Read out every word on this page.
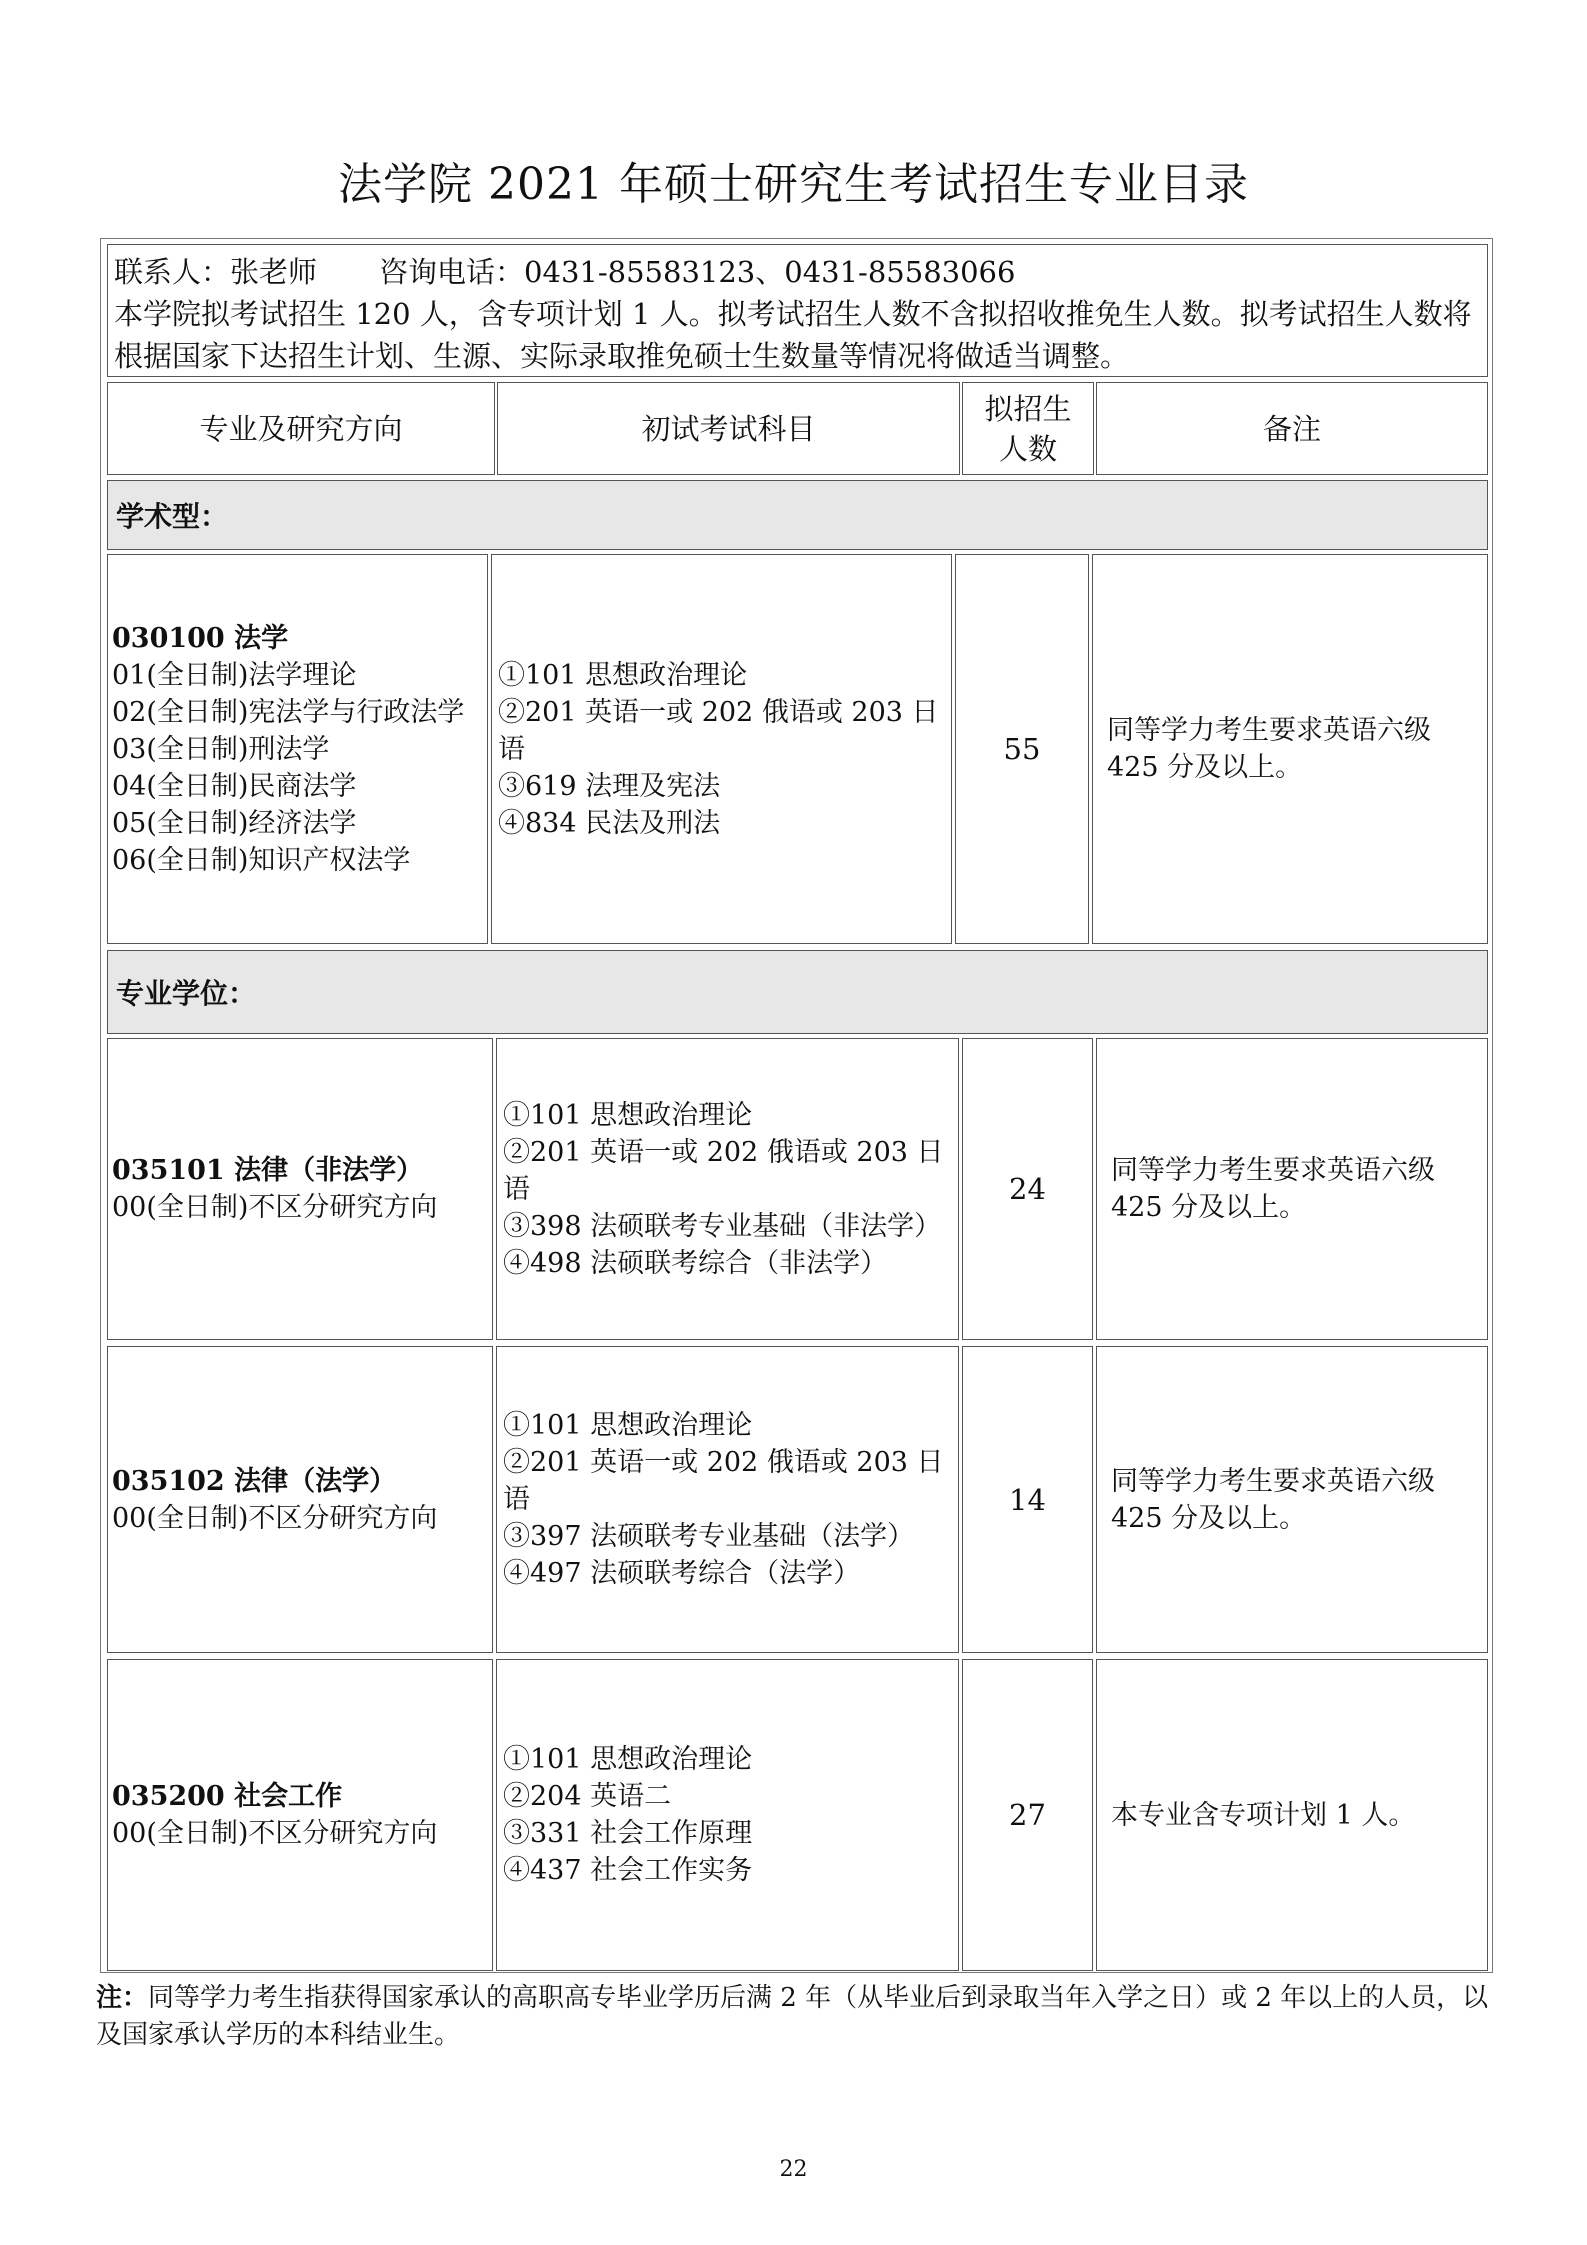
法学院 2021 年硕士研究生考试招生专业目录
联系人：张老师 咨询电话：0431-85583123、0431-85583066
本学院拟考试招生 120 人，含专项计划 1 人。拟考试招生人数不含拟招收推免生人数。拟考试招生人数将根据国家下达招生计划、生源、实际录取推免硕士生数量等情况将做适当调整。
专业及研究方向	初试考试科目
拟招生
人数
备注
学术型：
030100 法学
01(全日制)法学理论
02(全日制)宪法学与行政法学
03(全日制)刑法学
04(全日制)民商法学
05(全日制)经济法学
06(全日制)知识产权法学
①101 思想政治理论
②201 英语一或 202 俄语或 203 日语
③619 法理及宪法
④834 民法及刑法
55
同等学力考生要求英语六级
425 分及以上。
专业学位：
035101 法律（非法学）
00(全日制)不区分研究方向
①101 思想政治理论
②201 英语一或 202 俄语或 203 日语
③398 法硕联考专业基础（非法学）
④498 法硕联考综合（非法学）
24
同等学力考生要求英语六级
425 分及以上。
035102 法律（法学）
00(全日制)不区分研究方向
①101 思想政治理论
②201 英语一或 202 俄语或 203 日语
③397 法硕联考专业基础（法学）
④497 法硕联考综合（法学）
14
同等学力考生要求英语六级
425 分及以上。
035200 社会工作
00(全日制)不区分研究方向
①101 思想政治理论
②204 英语二
③331 社会工作原理
④437 社会工作实务
27	本专业含专项计划 1 人。
注：同等学力考生指获得国家承认的高职高专毕业学历后满 2 年（从毕业后到录取当年入学之日）或 2 年以上的人员，以及国家承认学历的本科结业生。
22
